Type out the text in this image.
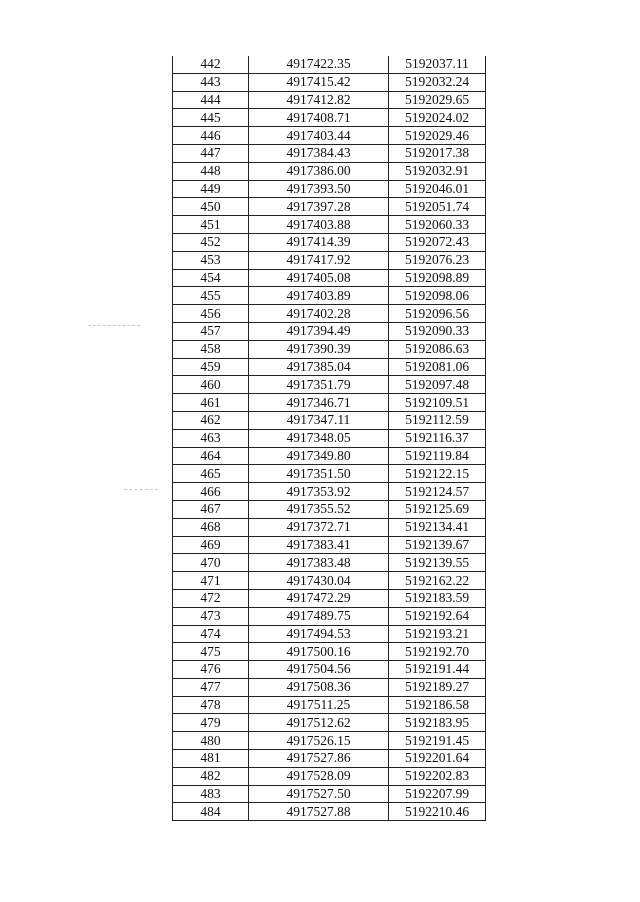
442	4917422.35	5192037.11
443	4917415.42	5192032.24
444	4917412.82	5192029.65
445	4917408.71	5192024.02
446	4917403.44	5192029.46
447	4917384.43	5192017.38
448	4917386.00	5192032.91
449	4917393.50	5192046.01
450	4917397.28	5192051.74
451	4917403.88	5192060.33
452	4917414.39	5192072.43
453	4917417.92	5192076.23
454	4917405.08	5192098.89
455	4917403.89	5192098.06
456	4917402.28	5192096.56
457	4917394.49	5192090.33
458	4917390.39	5192086.63
459	4917385.04	5192081.06
460	4917351.79	5192097.48
461	4917346.71	5192109.51
462	4917347.11	5192112.59
463	4917348.05	5192116.37
464	4917349.80	5192119.84
465	4917351.50	5192122.15
466	4917353.92	5192124.57
467	4917355.52	5192125.69
468	4917372.71	5192134.41
469	4917383.41	5192139.67
470	4917383.48	5192139.55
471	4917430.04	5192162.22
472	4917472.29	5192183.59
473	4917489.75	5192192.64
474	4917494.53	5192193.21
475	4917500.16	5192192.70
476	4917504.56	5192191.44
477	4917508.36	5192189.27
478	4917511.25	5192186.58
479	4917512.62	5192183.95
480	4917526.15	5192191.45
481	4917527.86	5192201.64
482	4917528.09	5192202.83
483	4917527.50	5192207.99
484	4917527.88	5192210.46
